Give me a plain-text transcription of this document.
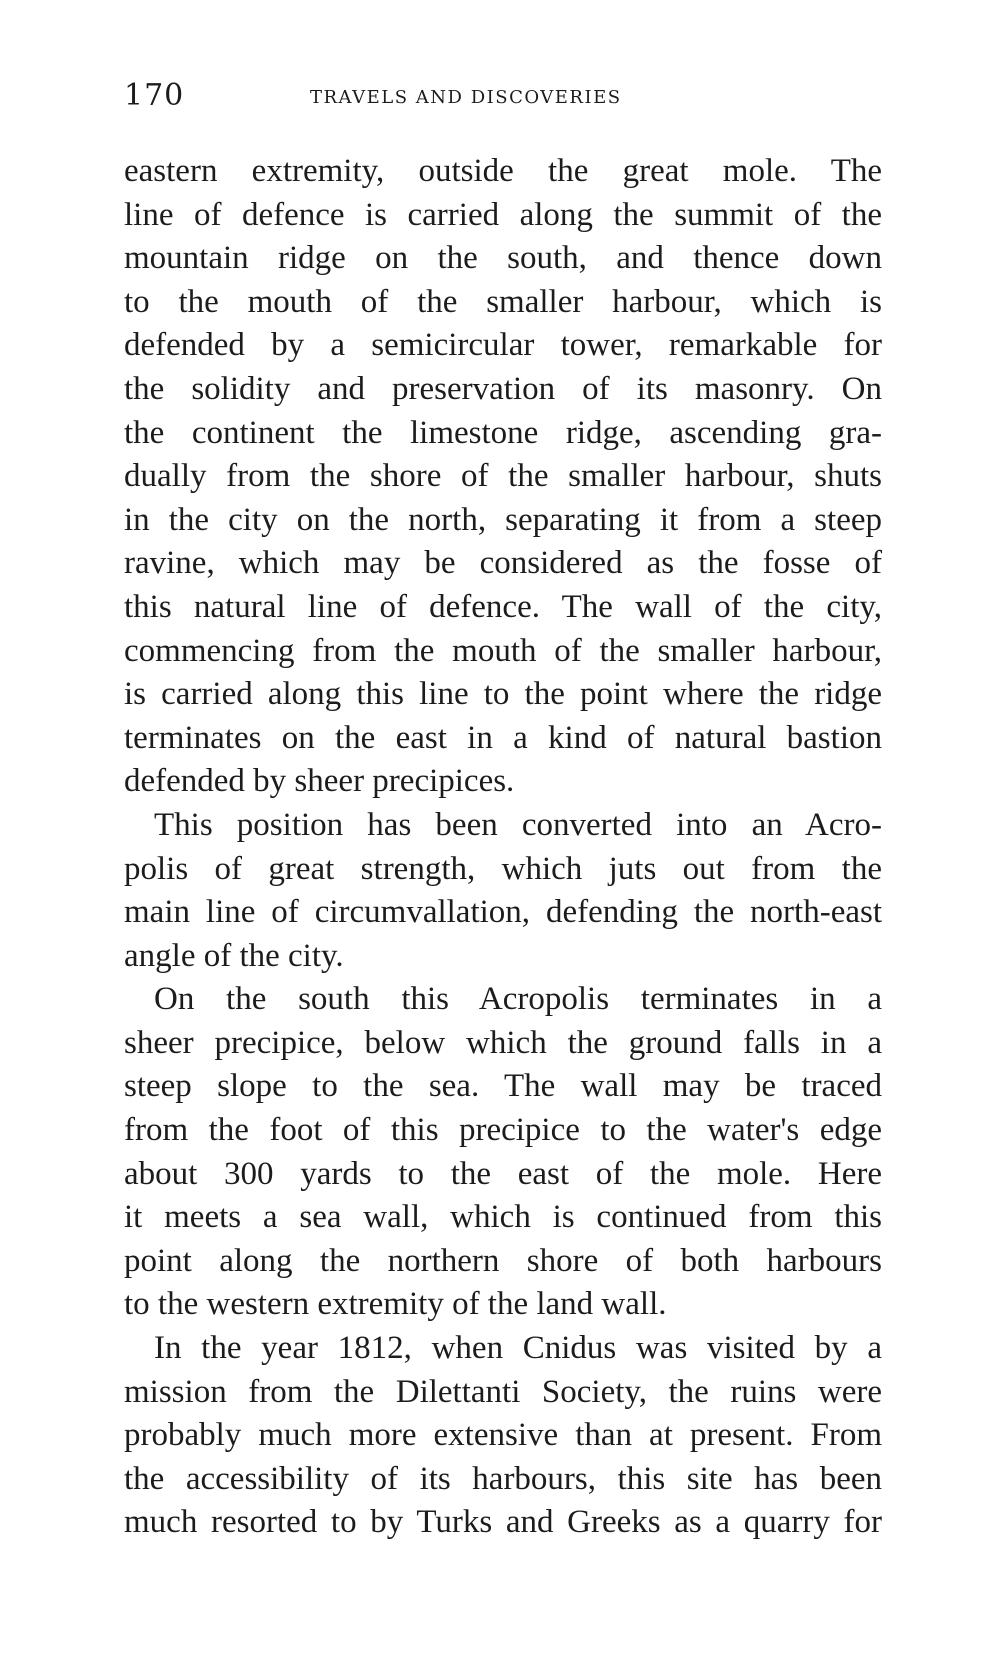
170	TRAVELS AND DISCOVERIES
eastern extremity, outside the great mole. The
line of defence is carried along the summit of the
mountain ridge on the south, and thence down
to the mouth of the smaller harbour, which is
defended by a semicircular tower, remarkable for
the solidity and preservation of its masonry. On
the continent the limestone ridge, ascending gra-
dually from the shore of the smaller harbour, shuts
in the city on the north, separating it from a steep
ravine, which may be considered as the fosse of
this natural line of defence. The wall of the city,
commencing from the mouth of the smaller harbour,
is carried along this line to the point where the ridge
terminates on the east in a kind of natural bastion
defended by sheer precipices.
This position has been converted into an Acro-
polis of great strength, which juts out from the
main line of circumvallation, defending the north-east
angle of the city.
On the south this Acropolis terminates in a
sheer precipice, below which the ground falls in a
steep slope to the sea. The wall may be traced
from the foot of this precipice to the water's edge
about 300 yards to the east of the mole. Here
it meets a sea wall, which is continued from this
point along the northern shore of both harbours
to the western extremity of the land wall.
In the year 1812, when Cnidus was visited by a
mission from the Dilettanti Society, the ruins were
probably much more extensive than at present. From
the accessibility of its harbours, this site has been
much resorted to by Turks and Greeks as a quarry for
